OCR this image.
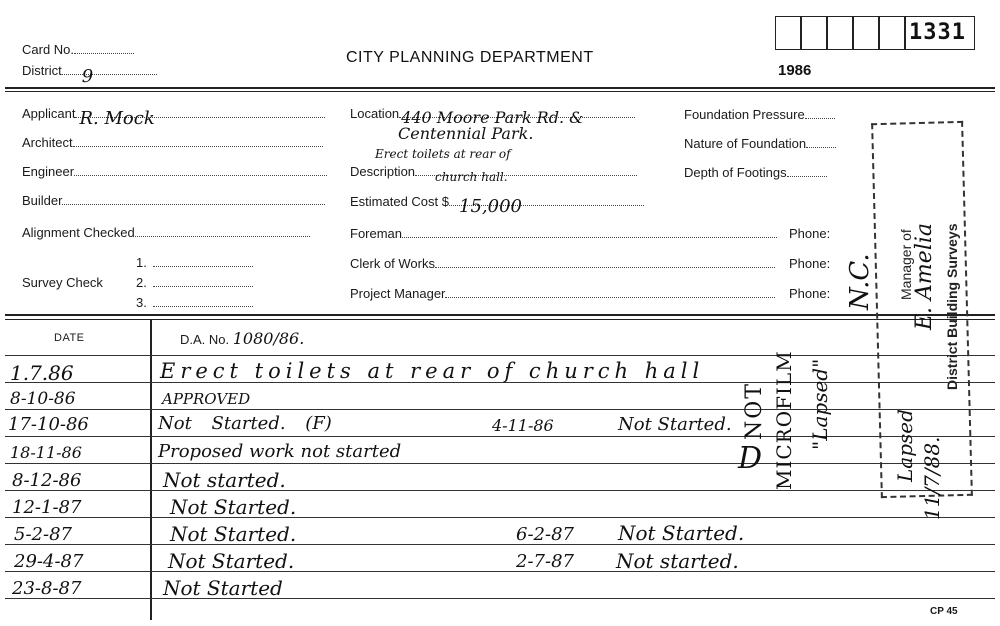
Card No.
District 9
CITY PLANNING DEPARTMENT
1986
1331
Applicant R. Mock
Architect
Engineer
Builder
Alignment Checked
Survey Check
1.
2.
3.
Location 440 Moore Park Rd. &
Centennial Park.
Erect toilets at rear of
Description church hall.
Estimated Cost $ 15,000
Foreman
Clerk of Works
Project Manager
Phone:
Phone:
Phone:
Foundation Pressure
Nature of Foundation
Depth of Footings
DATE	D.A. No. 1080/86.
1.7.86	Erect toilets at rear of church hall
8-10-86	APPROVED
17-10-86	Not Started. (F)	4-11-86	Not Started.
18-11-86	Proposed work not started
8-12-86	Not started.
12-1-87	Not Started.
5-2-87	Not Started.	6-2-87 Not Started.
29-4-87	Not Started.	2-7-87 Not started.
23-8-87	Not Started
NOT MICROFILM "Lapsed"
N.C.
D
Manager of
E. Amelia District Building Surveys
Lapsed 11/7/88.
CP 45
